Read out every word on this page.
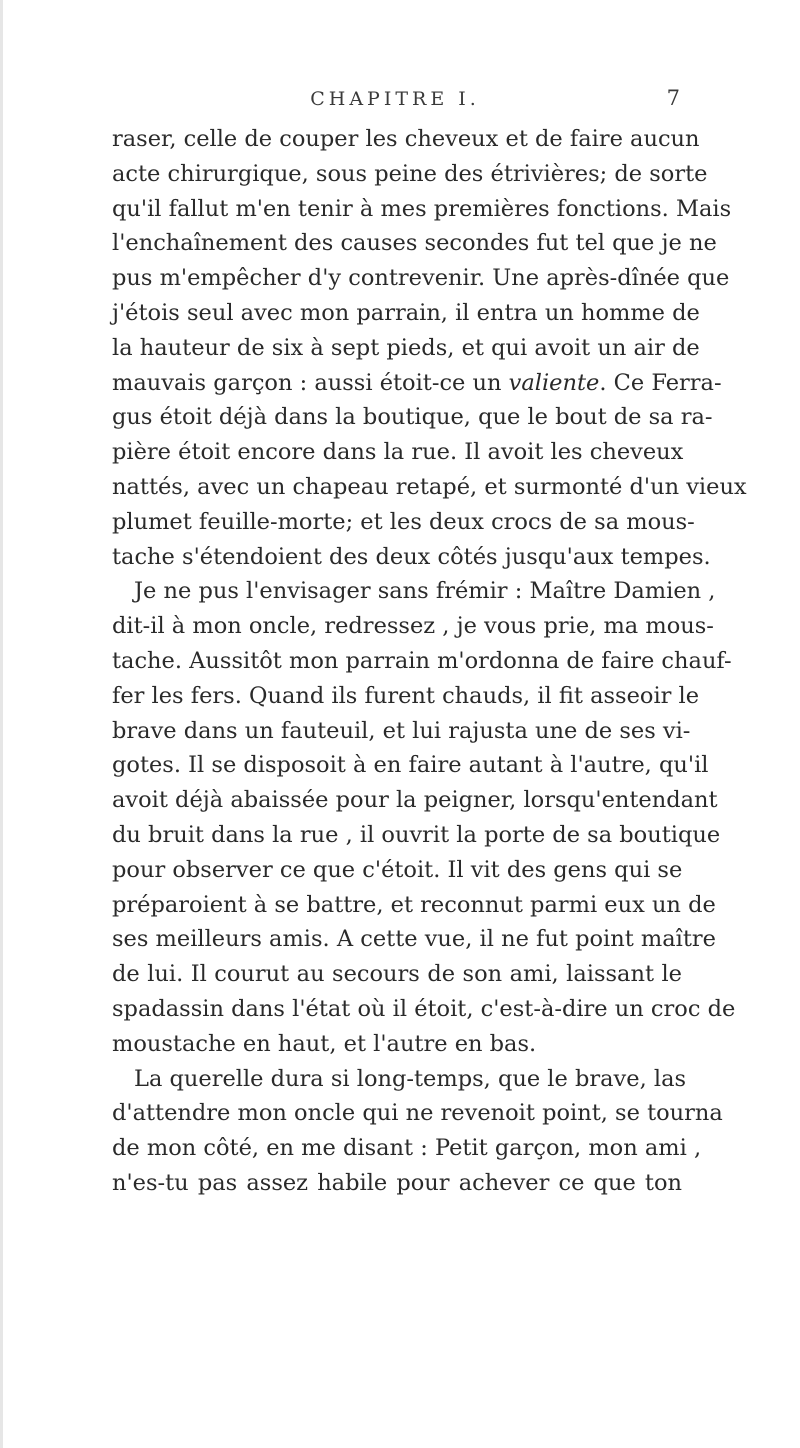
CHAPITRE I.	7
raser, celle de couper les cheveux et de faire aucun
acte chirurgique, sous peine des étrivières; de sorte
qu'il fallut m'en tenir à mes premières fonctions. Mais
l'enchaînement des causes secondes fut tel que je ne
pus m'empêcher d'y contrevenir. Une après-dînée que
j'étois seul avec mon parrain, il entra un homme de
la hauteur de six à sept pieds, et qui avoit un air de
mauvais garçon : aussi étoit-ce un valiente. Ce Ferra-
gus étoit déjà dans la boutique, que le bout de sa ra-
pière étoit encore dans la rue. Il avoit les cheveux
nattés, avec un chapeau retapé, et surmonté d'un vieux
plumet feuille-morte; et les deux crocs de sa mous-
tache s'étendoient des deux côtés jusqu'aux tempes.
Je ne pus l'envisager sans frémir : Maître Damien ,
dit-il à mon oncle, redressez , je vous prie, ma mous-
tache. Aussitôt mon parrain m'ordonna de faire chauf-
fer les fers. Quand ils furent chauds, il fit asseoir le
brave dans un fauteuil, et lui rajusta une de ses vi-
gotes. Il se disposoit à en faire autant à l'autre, qu'il
avoit déjà abaissée pour la peigner, lorsqu'entendant
du bruit dans la rue , il ouvrit la porte de sa boutique
pour observer ce que c'étoit. Il vit des gens qui se
préparoient à se battre, et reconnut parmi eux un de
ses meilleurs amis. A cette vue, il ne fut point maître
de lui. Il courut au secours de son ami, laissant le
spadassin dans l'état où il étoit, c'est-à-dire un croc de
moustache en haut, et l'autre en bas.
La querelle dura si long-temps, que le brave, las
d'attendre mon oncle qui ne revenoit point, se tourna
de mon côté, en me disant : Petit garçon, mon ami ,
n'es-tu pas assez habile pour achever ce que ton
